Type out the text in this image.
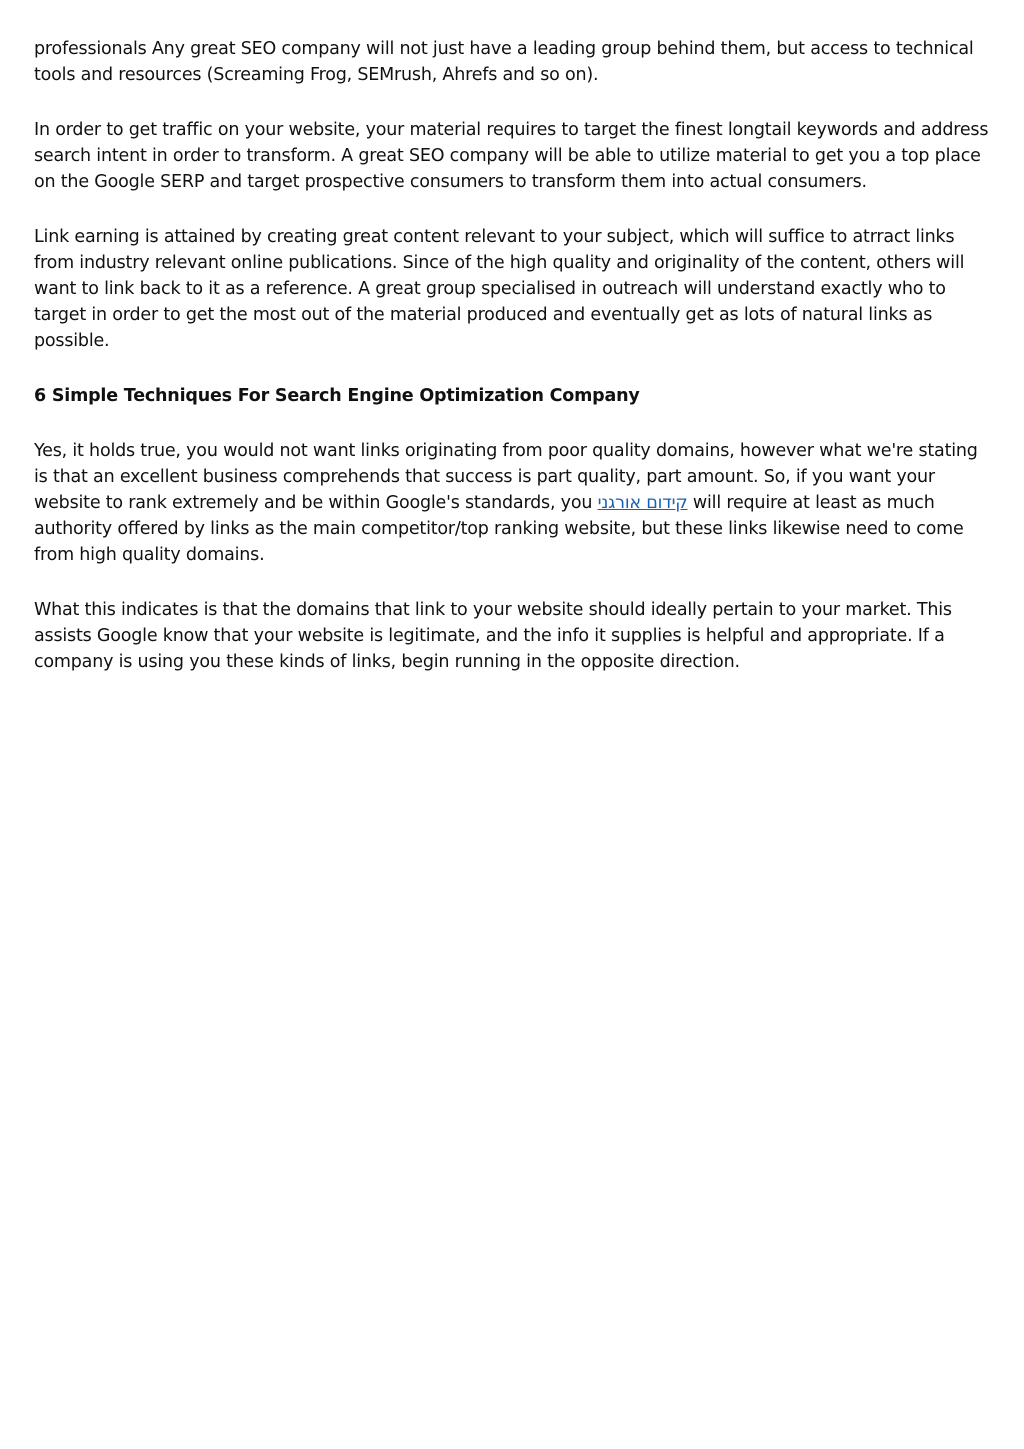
professionals Any great SEO company will not just have a leading group behind them, but access to technical tools and resources (Screaming Frog, SEMrush, Ahrefs and so on).

In order to get traffic on your website, your material requires to target the finest longtail keywords and address search intent in order to transform. A great SEO company will be able to utilize material to get you a top place on the Google SERP and target prospective consumers to transform them into actual consumers.

Link earning is attained by creating great content relevant to your subject, which will suffice to atrract links from industry relevant online publications. Since of the high quality and originality of the content, others will want to link back to it as a reference. A great group specialised in outreach will understand exactly who to target in order to get the most out of the material produced and eventually get as lots of natural links as possible.

6 Simple Techniques For Search Engine Optimization Company

Yes, it holds true, you would not want links originating from poor quality domains, however what we're stating is that an excellent business comprehends that success is part quality, part amount. So, if you want your website to rank extremely and be within Google's standards, you קידום אורגני will require at least as much authority offered by links as the main competitor/top ranking website, but these links likewise need to come from high quality domains.

What this indicates is that the domains that link to your website should ideally pertain to your market. This assists Google know that your website is legitimate, and the info it supplies is helpful and appropriate. If a company is using you these kinds of links, begin running in the opposite direction.
